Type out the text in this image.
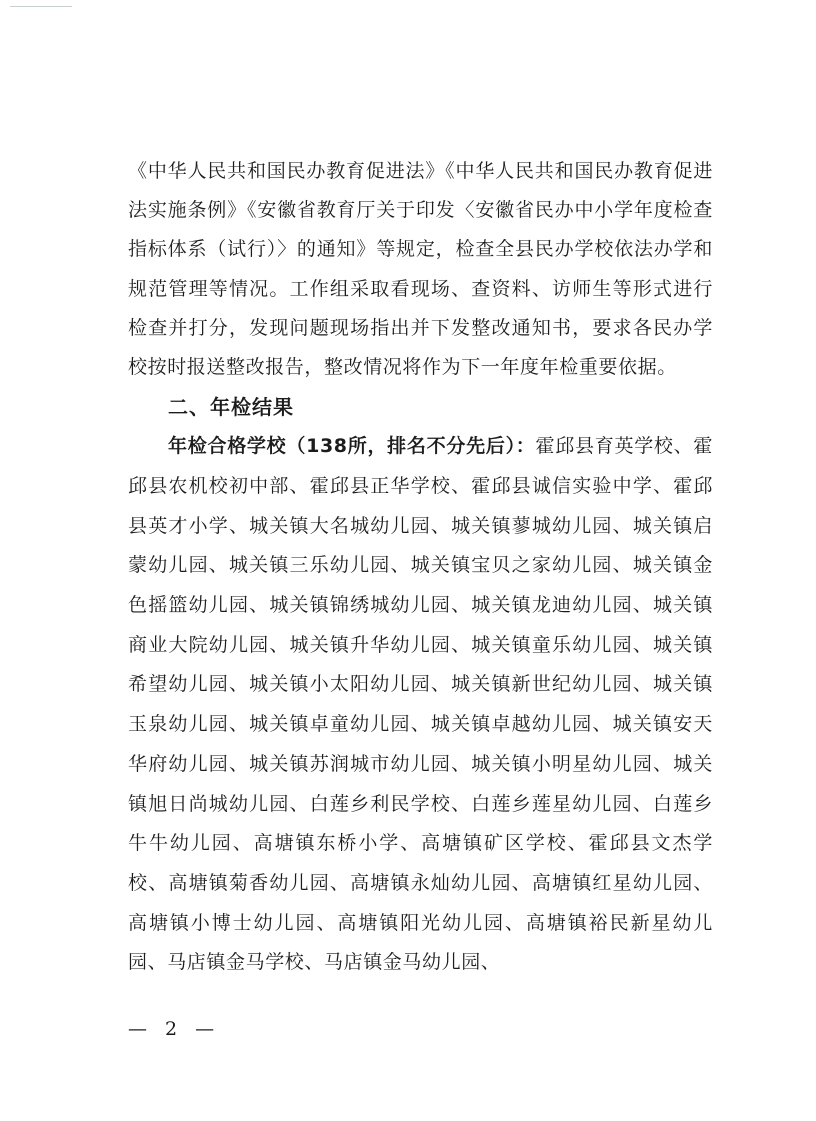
《中华人民共和国民办教育促进法》《中华人民共和国民办教育促进法实施条例》《安徽省教育厅关于印发〈安徽省民办中小学年度检查指标体系（试行）〉的通知》等规定，检查全县民办学校依法办学和规范管理等情况。工作组采取看现场、查资料、访师生等形式进行检查并打分，发现问题现场指出并下发整改通知书，要求各民办学校按时报送整改报告，整改情况将作为下一年度年检重要依据。

二、年检结果

年检合格学校（138所，排名不分先后）：霍邱县育英学校、霍邱县农机校初中部、霍邱县正华学校、霍邱县诚信实验中学、霍邱县英才小学、城关镇大名城幼儿园、城关镇蓼城幼儿园、城关镇启蒙幼儿园、城关镇三乐幼儿园、城关镇宝贝之家幼儿园、城关镇金色摇篮幼儿园、城关镇锦绣城幼儿园、城关镇龙迪幼儿园、城关镇商业大院幼儿园、城关镇升华幼儿园、城关镇童乐幼儿园、城关镇希望幼儿园、城关镇小太阳幼儿园、城关镇新世纪幼儿园、城关镇玉泉幼儿园、城关镇卓童幼儿园、城关镇卓越幼儿园、城关镇安天华府幼儿园、城关镇苏润城市幼儿园、城关镇小明星幼儿园、城关镇旭日尚城幼儿园、白莲乡利民学校、白莲乡莲星幼儿园、白莲乡牛牛幼儿园、高塘镇东桥小学、高塘镇矿区学校、霍邱县文杰学校、高塘镇菊香幼儿园、高塘镇永灿幼儿园、高塘镇红星幼儿园、高塘镇小博士幼儿园、高塘镇阳光幼儿园、高塘镇裕民新星幼儿园、马店镇金马学校、马店镇金马幼儿园、

— 2 —
